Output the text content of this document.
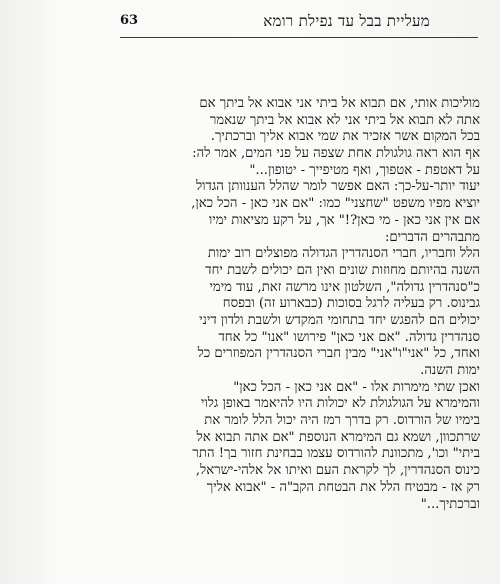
מעליית בבל עד נפילת רומא
63
מוליכות אותי, אם תבוא אל ביתי אני אבוא אל ביתך אם
אתה לא תבוא אל ביתי אני לא אבוא אל ביתך שנאמר
בכל המקום אשר אזכיר את שמי אבוא אליך וברכתיך.
אף הוא ראה גולגולת אחת שצפה על פני המים, אמר לה:
על דאטפת - אטפוך, ואף מטיפייך - יטופון..."
יעוד יותר-על-כך: האם אפשר לומר שהלל הענוותן הגדול
יוציא מפיו משפט "שחצני" כמו: "אם אני כאן - הכל כאן,
אם אין אני כאן - מי כאן?!" אך, על רקע מציאות ימיו
מתבהרים הדברים:
הלל וחבריו, חברי הסנהדרין הגדולה מפוצלים רוב ימות
השנה בהיותם מחוזות שונים ואין הם יכולים לשבת יחד
כ"סנהדרין גדולה", השלטון אינו מרשה זאת, עוד מימי
גבינוס. רק בעליה לרגל בסוכות (כבארוע זה) ובפסח
יכולים הם להפגש יחד בתחומי המקדש ולשבת ולדון דיני
סנהדרין גדולה. "אם אני כאן" פירושו "אנו" כל אחד
ואחד, כל "אני"ו"אני" מבין חברי הסנהדרין המפוזרים כל
ימות השנה.
ואכן שתי מימרות אלו - "אם אני כאן - הכל כאן"
והמימרא על הגולגולת לא יכולות היו להיאמר באופן גלוי
בימיו של הורדוס. רק בדרך רמז היה יכול הלל לומר את
שרתכוון, ושמא גם המימרא הנוספת "אם אתה תבוא אל
ביתי" וכו', מתכוונת להורדוס עצמו בבחינת חזור בך! התר
כינוס הסנהדרין, לך לקראת העם ואיתו אל אלהי-ישראל,
רק אז - מבטיח הלל את הבטחת הקב"ה - "אבוא אליך
וברכתיך..."
